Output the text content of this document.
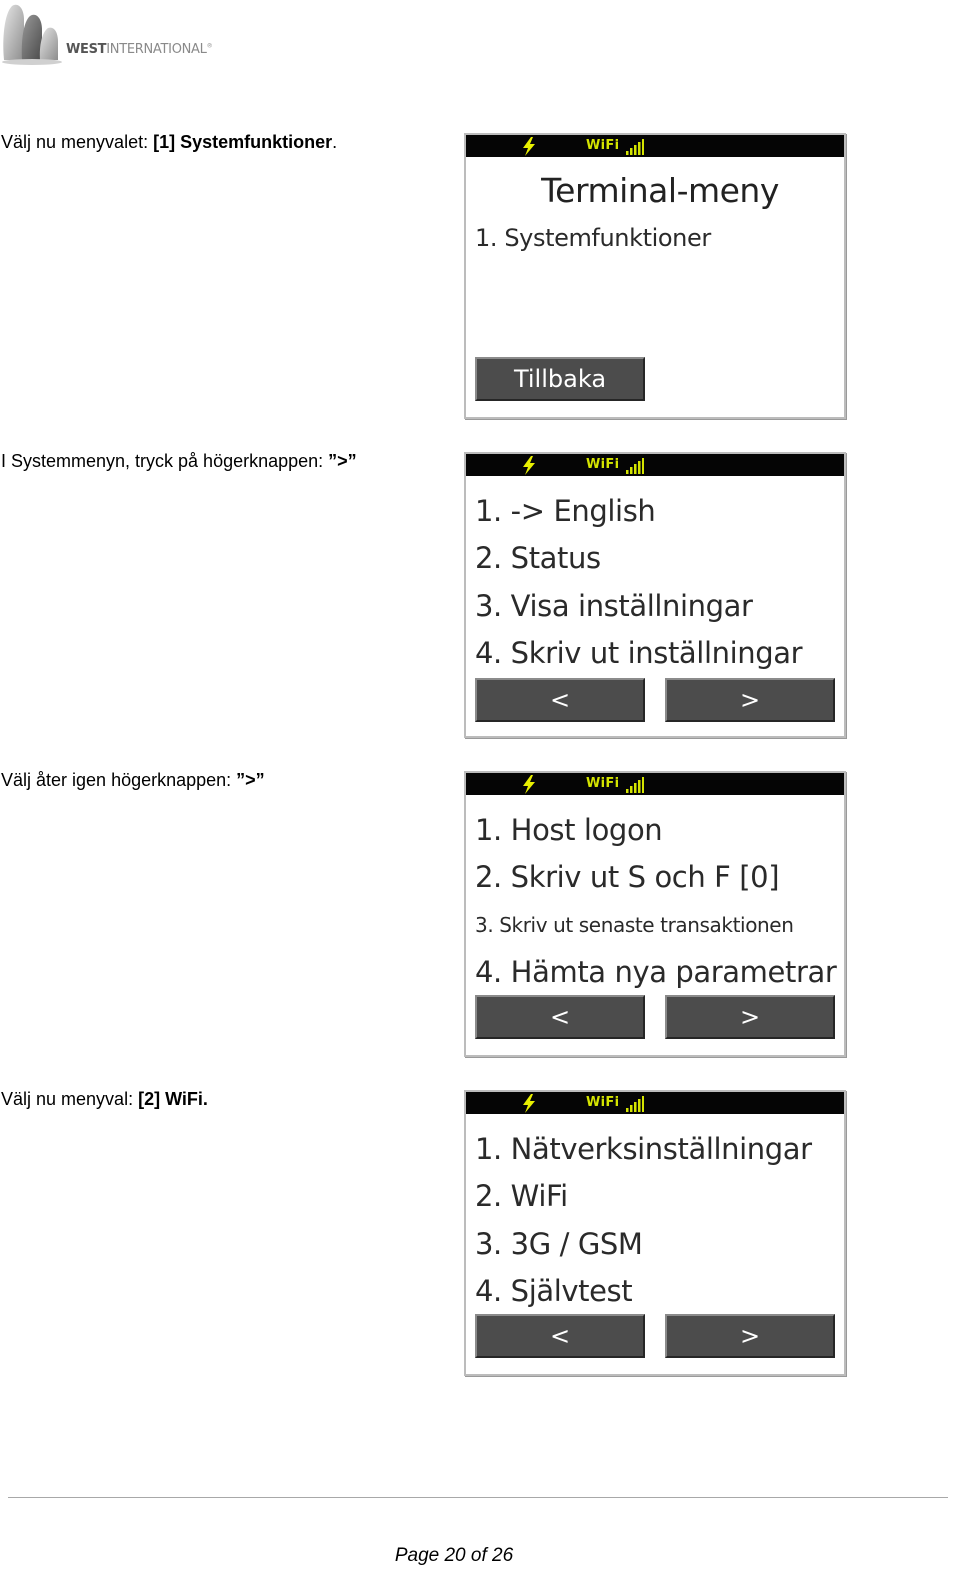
WESTINTERNATIONAL®
Välj nu menyvalet: [1] Systemfunktioner.
I Systemmenyn, tryck på högerknappen: ”>”
Välj åter igen högerknappen: ”>”
Välj nu menyval: [2] WiFi.
WiFi
Terminal-meny
1. Systemfunktioner
Tillbaka
WiFi
1. -> English
2. Status
3. Visa inställningar
4. Skriv ut inställningar
<	>
WiFi
1. Host logon
2. Skriv ut S och F [0]
3. Skriv ut senaste transaktionen
4. Hämta nya parametrar
<	>
WiFi
1. Nätverksinställningar
2. WiFi
3. 3G / GSM
4. Självtest
<	>
Page 20 of 26
